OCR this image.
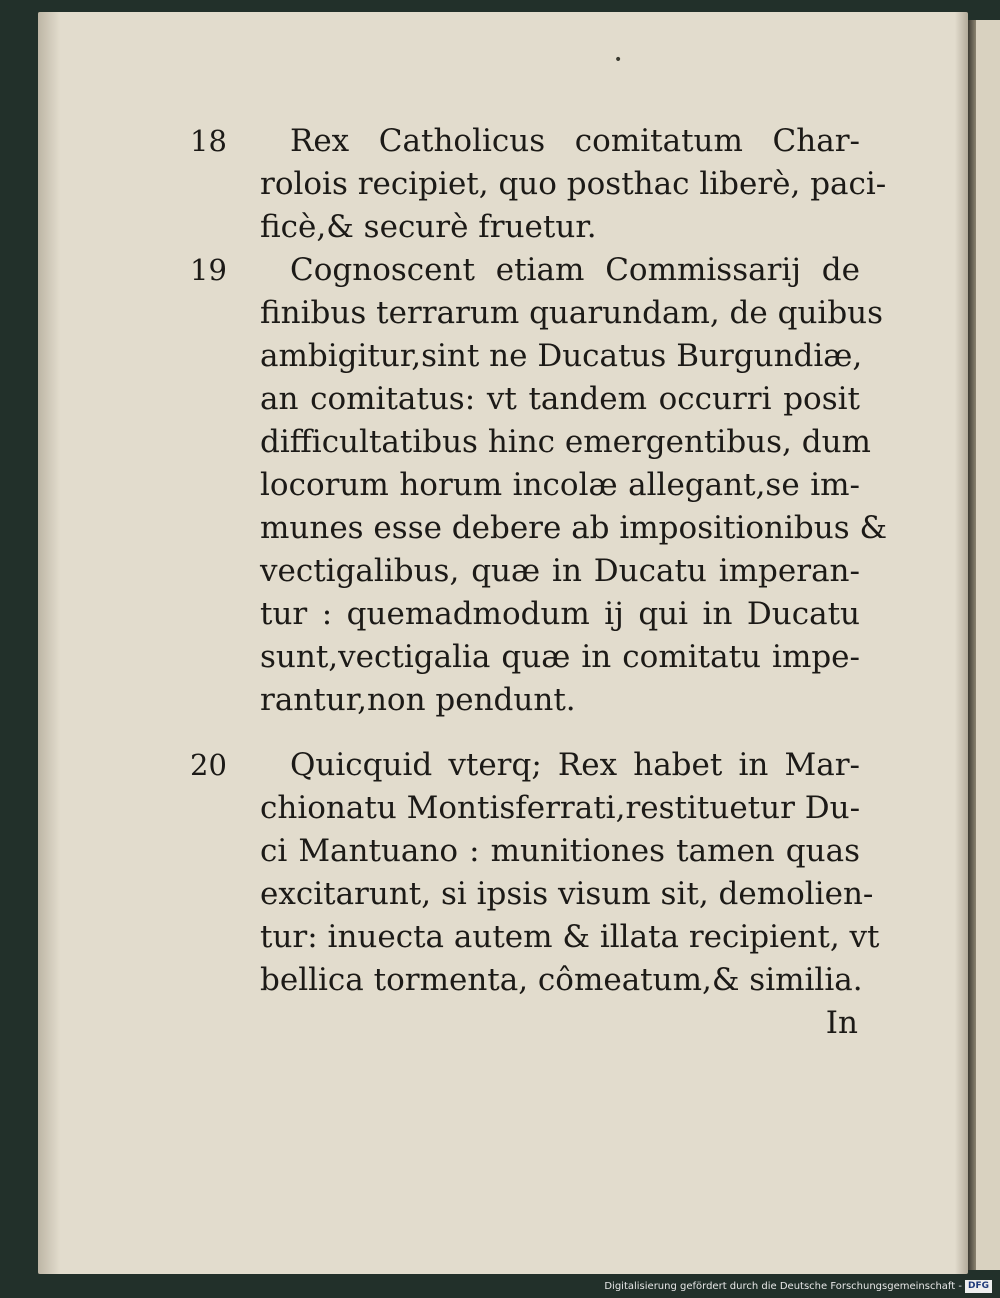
•
18	Rex Catholicus comitatum Char-
rolois recipiet, quo posthac liberè, paci-
ficè,& securè fruetur.
19	Cognoscent etiam Commissarij de
finibus terrarum quarundam, de quibus
ambigitur,sint ne Ducatus Burgundiæ,
an comitatus: vt tandem occurri posit
difficultatibus hinc emergentibus, dum
locorum horum incolæ allegant,se im-
munes esse debere ab impositionibus &
vectigalibus, quæ in Ducatu imperan-
tur : quemadmodum ij qui in Ducatu
sunt,vectigalia quæ in comitatu impe-
rantur,non pendunt.
20	Quicquid vterq; Rex habet in Mar-
chionatu Montisferrati,restituetur Du-
ci Mantuano : munitiones tamen quas
excitarunt, si ipsis visum sit, demolien-
tur: inuecta autem & illata recipient, vt
bellica tormenta, cômeatum,& similia.
In
Digitalisierung gefördert durch die Deutsche Forschungsgemeinschaft - DFG
